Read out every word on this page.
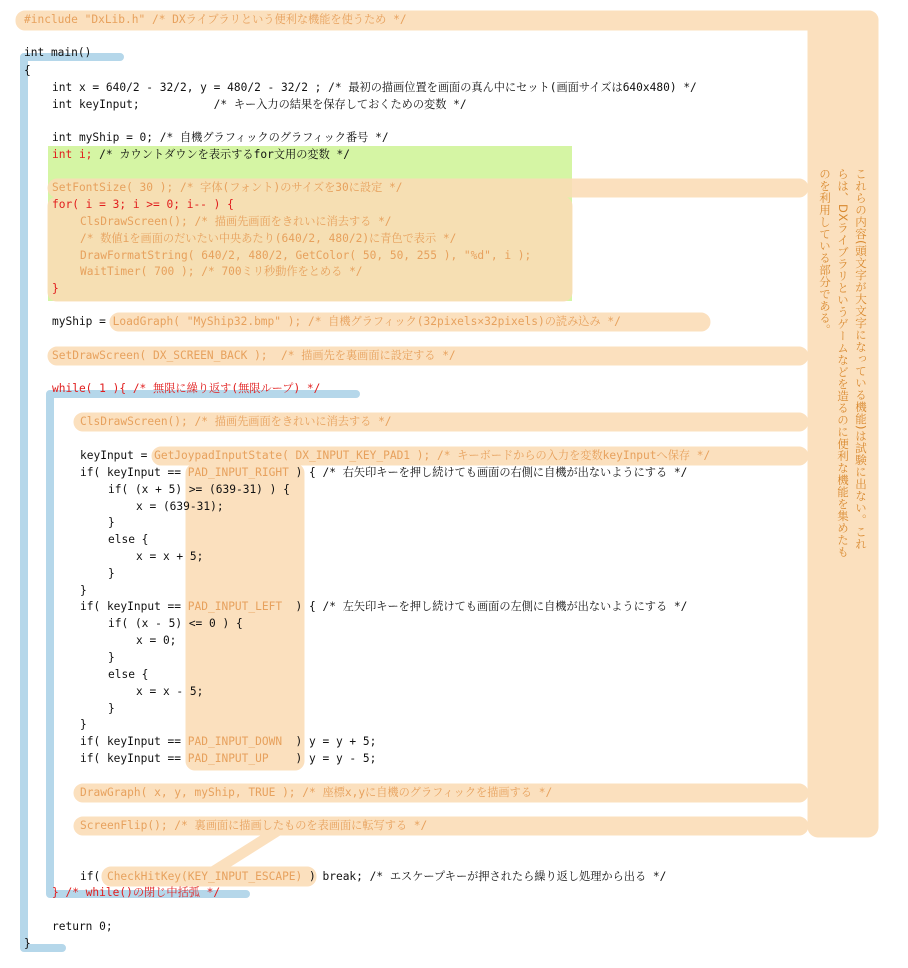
#include "DxLib.h" /* DXライブラリという便利な機能を使うため */
int main()
{
int x = 640/2 - 32/2, y = 480/2 - 32/2 ; /* 最初の描画位置を画面の真ん中にセット(画面サイズは640x480) */
int keyInput;           /* キー入力の結果を保存しておくための変数 */
int myShip = 0; /* 自機グラフィックのグラフィック番号 */
int i; /* カウントダウンを表示するfor文用の変数 */
SetFontSize( 30 ); /* 字体(フォント)のサイズを30に設定 */
for( i = 3; i >= 0; i-- ) {
ClsDrawScreen(); /* 描画先画面をきれいに消去する */
/* 数値iを画面のだいたい中央あたり(640/2, 480/2)に青色で表示 */
DrawFormatString( 640/2, 480/2, GetColor( 50, 50, 255 ), "%d", i );
WaitTimer( 700 ); /* 700ミリ秒動作をとめる */
}
myShip = LoadGraph( "MyShip32.bmp" ); /* 自機グラフィック(32pixels×32pixels)の読み込み */
SetDrawScreen( DX_SCREEN_BACK );  /* 描画先を裏画面に設定する */
while( 1 ){ /* 無限に繰り返す(無限ループ) */
ClsDrawScreen(); /* 描画先画面をきれいに消去する */
keyInput = GetJoypadInputState( DX_INPUT_KEY_PAD1 ); /* キーボードからの入力を変数keyInputへ保存 */
if( keyInput == PAD_INPUT_RIGHT ) { /* 右矢印キーを押し続けても画面の右側に自機が出ないようにする */
if( (x + 5) >= (639-31) ) {
x = (639-31);
}
else {
x = x + 5;
}
}
if( keyInput == PAD_INPUT_LEFT  ) { /* 左矢印キーを押し続けても画面の左側に自機が出ないようにする */
if( (x - 5) <= 0 ) {
x = 0;
}
else {
x = x - 5;
}
}
if( keyInput == PAD_INPUT_DOWN  ) y = y + 5;
if( keyInput == PAD_INPUT_UP    ) y = y - 5;
DrawGraph( x, y, myShip, TRUE ); /* 座標x,yに自機のグラフィックを描画する */
ScreenFlip(); /* 裏画面に描画したものを表画面に転写する */
if( CheckHitKey(KEY_INPUT_ESCAPE) ) break; /* エスケープキーが押されたら繰り返し処理から出る */
} /* while()の閉じ中括弧 */
return 0;
}
これらの内容(頭文字が大文字になっている機能)は試験に出ない。これらは、DXライブラリというゲームなどを造るのに便利な機能を集めたものを利用している部分である。
